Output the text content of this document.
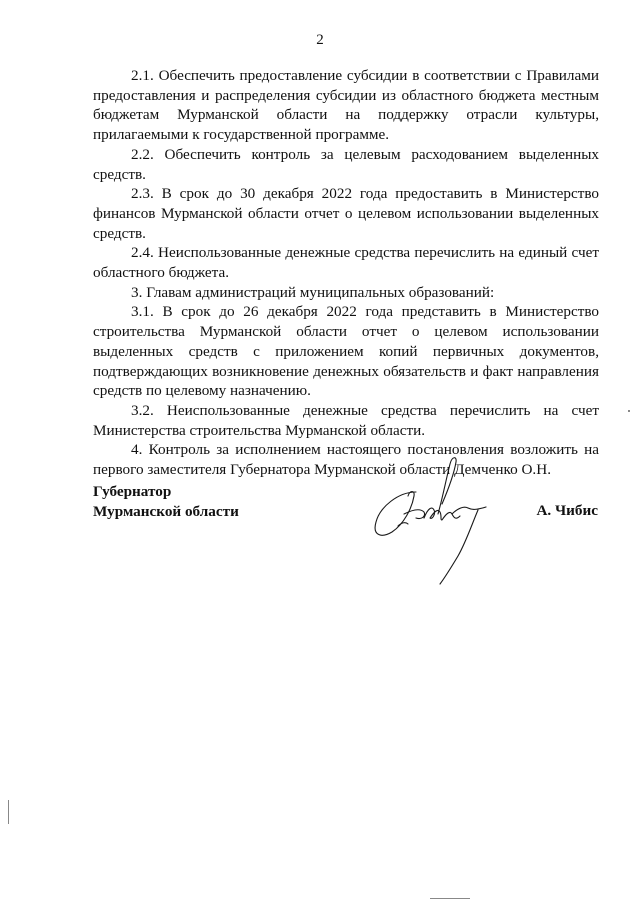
2

2.1. Обеспечить предоставление субсидии в соответствии с Правилами предоставления и распределения субсидии из областного бюджета местным бюджетам Мурманской области на поддержку отрасли культуры, прилагаемыми к государственной программе.

2.2. Обеспечить контроль за целевым расходованием выделенных средств.

2.3. В срок до 30 декабря 2022 года предоставить в Министерство финансов Мурманской области отчет о целевом использовании выделенных средств.

2.4. Неиспользованные денежные средства перечислить на единый счет областного бюджета.

3. Главам администраций муниципальных образований:

3.1. В срок до 26 декабря 2022 года представить в Министерство строительства Мурманской области отчет о целевом использовании выделенных средств с приложением копий первичных документов, подтверждающих возникновение денежных обязательств и факт направления средств по целевому назначению.

3.2. Неиспользованные денежные средства перечислить на счет Министерства строительства Мурманской области.

4. Контроль за исполнением настоящего постановления возложить на первого заместителя Губернатора Мурманской области Демченко О.Н.

Губернатор
Мурманской области	А. Чибис
